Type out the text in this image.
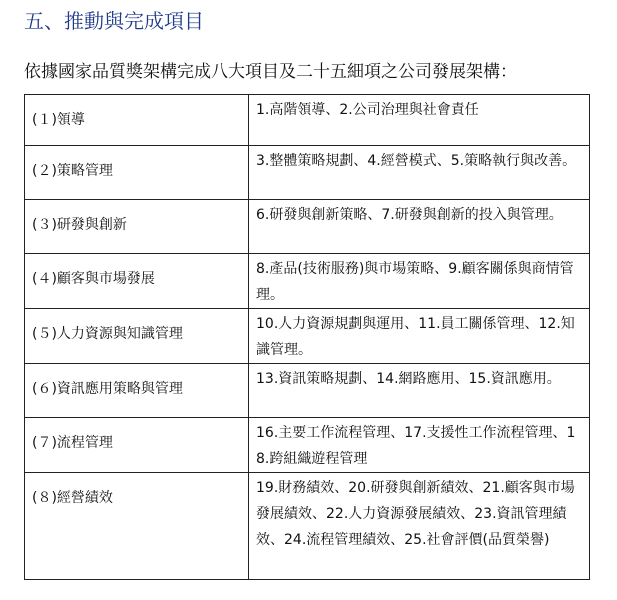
五、推動與完成項目
依據國家品質獎架構完成八大項目及二十五細項之公司發展架構：
(１)領導	1.高階領導、2.公司治理與社會責任
(２)策略管理	3.整體策略規劃、4.經營模式、5.策略執行與改善。
(３)研發與創新	6.研發與創新策略、7.研發與創新的投入與管理。
(４)顧客與市場發展	8.產品(技術服務)與市場策略、9.顧客關係與商情管理。
(５)人力資源與知識管理	10.人力資源規劃與運用、11.員工關係管理、12.知識管理。
(６)資訊應用策略與管理	13.資訊策略規劃、14.網路應用、15.資訊應用。
(７)流程管理	16.主要工作流程管理、17.支援性工作流程管理、18.跨組織遊程管理
(８)經營績效	19.財務績效、20.研發與創新績效、21.顧客與市場發展績效、22.人力資源發展績效、23.資訊管理績效、24.流程管理績效、25.社會評價(品質榮譽)
